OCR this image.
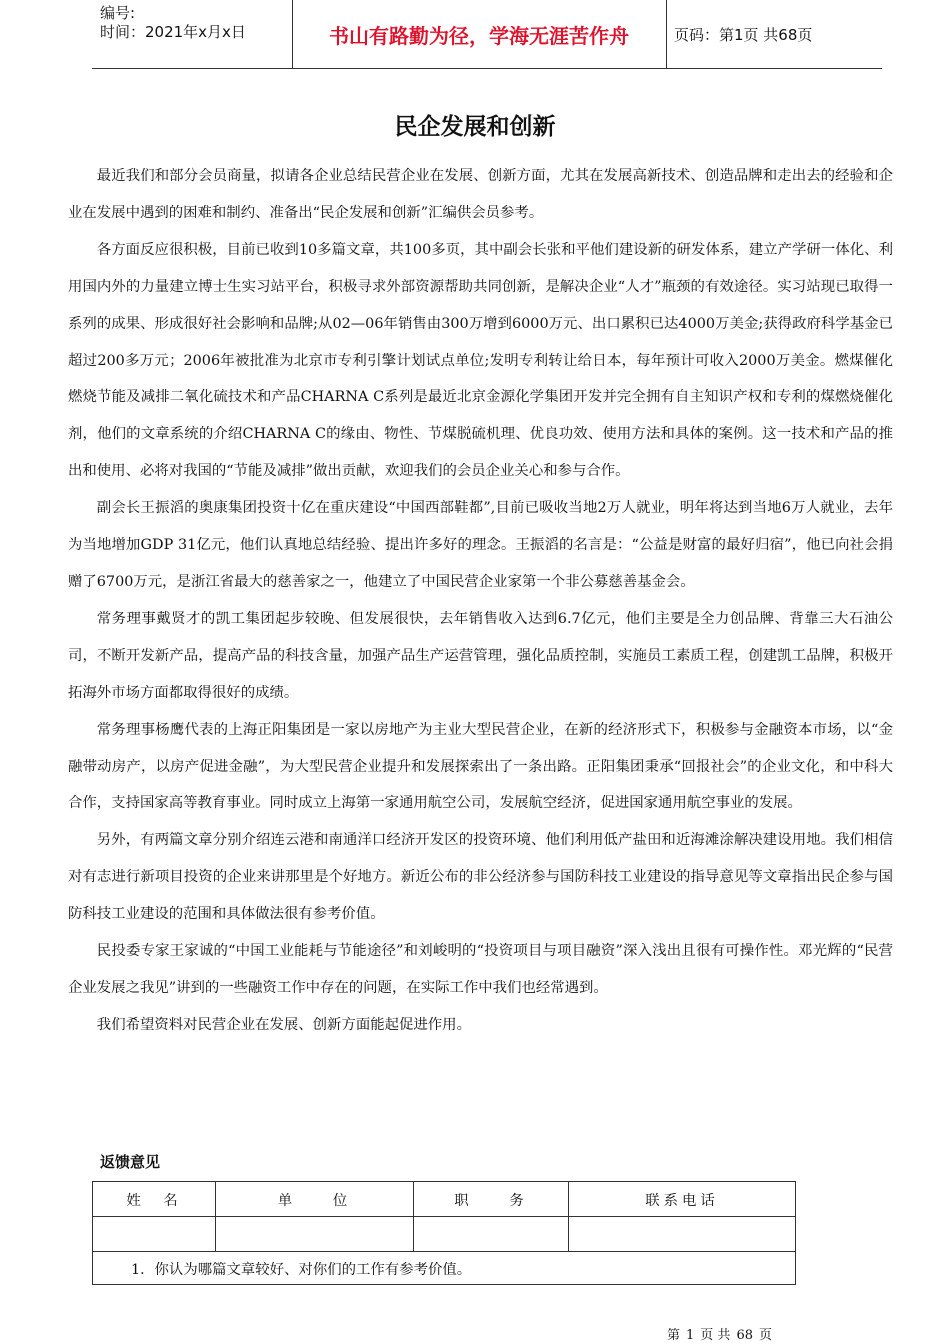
编号:
时间：2021年x月x日	书山有路勤为径，学海无涯苦作舟	页码：第1页 共68页
民企发展和创新

最近我们和部分会员商量，拟请各企业总结民营企业在发展、创新方面，尤其在发展高新技术、创造品牌和走出去的经验和企业在发展中遇到的困难和制约、准备出“民企发展和创新”汇编供会员参考。

各方面反应很积极，目前已收到10多篇文章，共100多页，其中副会长张和平他们建设新的研发体系，建立产学研一体化、利用国内外的力量建立博士生实习站平台，积极寻求外部资源帮助共同创新，是解决企业“人才”瓶颈的有效途径。实习站现已取得一系列的成果、形成很好社会影响和品牌;从02—06年销售由300万增到6000万元、出口累积已达4000万美金;获得政府科学基金已超过200多万元；2006年被批准为北京市专利引擎计划试点单位;发明专利转让给日本，每年预计可收入2000万美金。燃煤催化燃烧节能及减排二氧化硫技术和产品CHARNA C系列是最近北京金源化学集团开发并完全拥有自主知识产权和专利的煤燃烧催化剂，他们的文章系统的介绍CHARNA C的缘由、物性、节煤脱硫机理、优良功效、使用方法和具体的案例。这一技术和产品的推出和使用、必将对我国的“节能及减排”做出贡献，欢迎我们的会员企业关心和参与合作。

副会长王振滔的奥康集团投资十亿在重庆建设“中国西部鞋都”,目前已吸收当地2万人就业，明年将达到当地6万人就业，去年为当地增加GDP 31亿元，他们认真地总结经验、提出许多好的理念。王振滔的名言是：“公益是财富的最好归宿”，他已向社会捐赠了6700万元，是浙江省最大的慈善家之一，他建立了中国民营企业家第一个非公募慈善基金会。

常务理事戴贤才的凯工集团起步较晚、但发展很快，去年销售收入达到6.7亿元，他们主要是全力创品牌、背靠三大石油公司，不断开发新产品，提高产品的科技含量，加强产品生产运营管理，强化品质控制，实施员工素质工程，创建凯工品牌，积极开拓海外市场方面都取得很好的成绩。

常务理事杨鹰代表的上海正阳集团是一家以房地产为主业大型民营企业，在新的经济形式下，积极参与金融资本市场，以“金融带动房产，以房产促进金融”，为大型民营企业提升和发展探索出了一条出路。正阳集团秉承“回报社会”的企业文化，和中科大合作，支持国家高等教育事业。同时成立上海第一家通用航空公司，发展航空经济，促进国家通用航空事业的发展。

另外，有两篇文章分别介绍连云港和南通洋口经济开发区的投资环境、他们利用低产盐田和近海滩涂解决建设用地。我们相信对有志进行新项目投资的企业来讲那里是个好地方。新近公布的非公经济参与国防科技工业建设的指导意见等文章指出民企参与国防科技工业建设的范围和具体做法很有参考价值。

民投委专家王家诚的“中国工业能耗与节能途径”和刘峻明的“投资项目与项目融资”深入浅出且很有可操作性。邓光辉的“民营企业发展之我见”讲到的一些融资工作中存在的问题，在实际工作中我们也经常遇到。

我们希望资料对民营企业在发展、创新方面能起促进作用。

返馈意见
姓　名	单　　位	职　　务	联系电话

1．你认为哪篇文章较好、对你们的工作有参考价值。			
第 1 页 共 68 页
